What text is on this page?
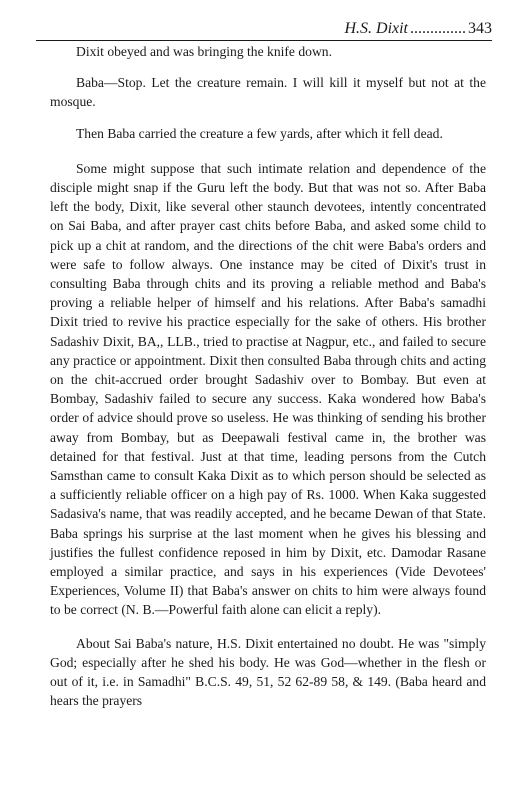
H.S. Dixit .............. 343

Dixit obeyed and was bringing the knife down.

Baba—Stop. Let the creature remain. I will kill it myself but not at the mosque.

Then Baba carried the creature a few yards, after which it fell dead.

Some might suppose that such intimate relation and dependence of the disciple might snap if the Guru left the body. But that was not so. After Baba left the body, Dixit, like several other staunch devotees, intently concentrated on Sai Baba, and after prayer cast chits before Baba, and asked some child to pick up a chit at random, and the directions of the chit were Baba's orders and were safe to follow always. One instance may be cited of Dixit's trust in consulting Baba through chits and its proving a reliable method and Baba's proving a reliable helper of himself and his relations. After Baba's samadhi Dixit tried to revive his practice especially for the sake of others. His brother Sadashiv Dixit, BA,, LLB., tried to practise at Nagpur, etc., and failed to secure any practice or appointment. Dixit then consulted Baba through chits and acting on the chit-accrued order brought Sadashiv over to Bombay. But even at Bombay, Sadashiv failed to secure any success. Kaka wondered how Baba's order of advice should prove so useless. He was thinking of sending his brother away from Bombay, but as Deepawali festival came in, the brother was detained for that festival. Just at that time, leading persons from the Cutch Samsthan came to consult Kaka Dixit as to which person should be selected as a sufficiently reliable officer on a high pay of Rs. 1000. When Kaka suggested Sadasiva's name, that was readily accepted, and he became Dewan of that State. Baba springs his surprise at the last moment when he gives his blessing and justifies the fullest confidence reposed in him by Dixit, etc. Damodar Rasane employed a similar practice, and says in his experiences (Vide Devotees' Experiences, Volume II) that Baba's answer on chits to him were always found to be correct (N. B.—Powerful faith alone can elicit a reply).

About Sai Baba's nature, H.S. Dixit entertained no doubt. He was "simply God; especially after he shed his body. He was God—whether in the flesh or out of it, i.e. in Samadhi" B.C.S. 49, 51, 52 62-89 58, & 149. (Baba heard and hears the prayers
